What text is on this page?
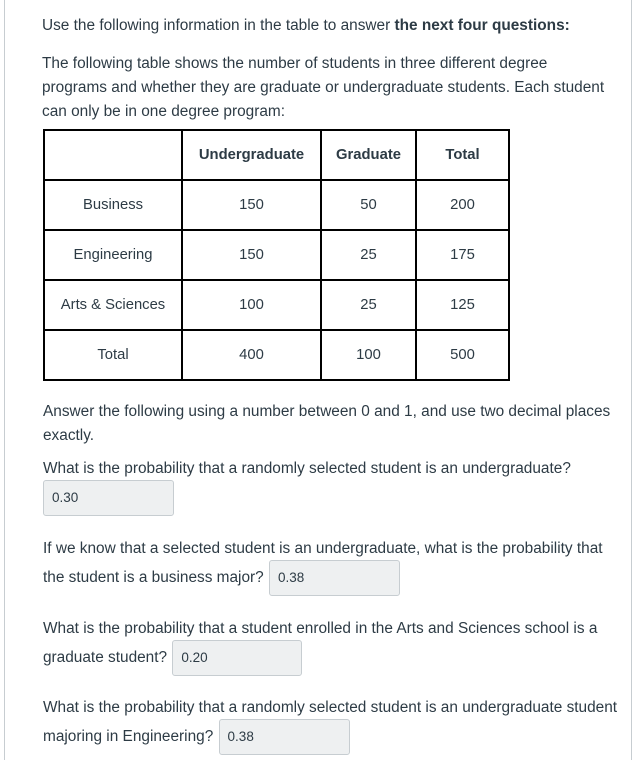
Use the following information in the table to answer the next four questions:
The following table shows the number of students in three different degree programs and whether they are graduate or undergraduate students. Each student can only be in one degree program:
	Undergraduate	Graduate	Total
Business	150	50	200
Engineering	150	25	175
Arts & Sciences	100	25	125
Total	400	100	500
Answer the following using a number between 0 and 1, and use two decimal places exactly.
What is the probability that a randomly selected student is an undergraduate?
0.30
If we know that a selected student is an undergraduate, what is the probability that
the student is a business major? 0.38
What is the probability that a student enrolled in the Arts and Sciences school is a
graduate student? 0.20
What is the probability that a randomly selected student is an undergraduate student
majoring in Engineering? 0.38
